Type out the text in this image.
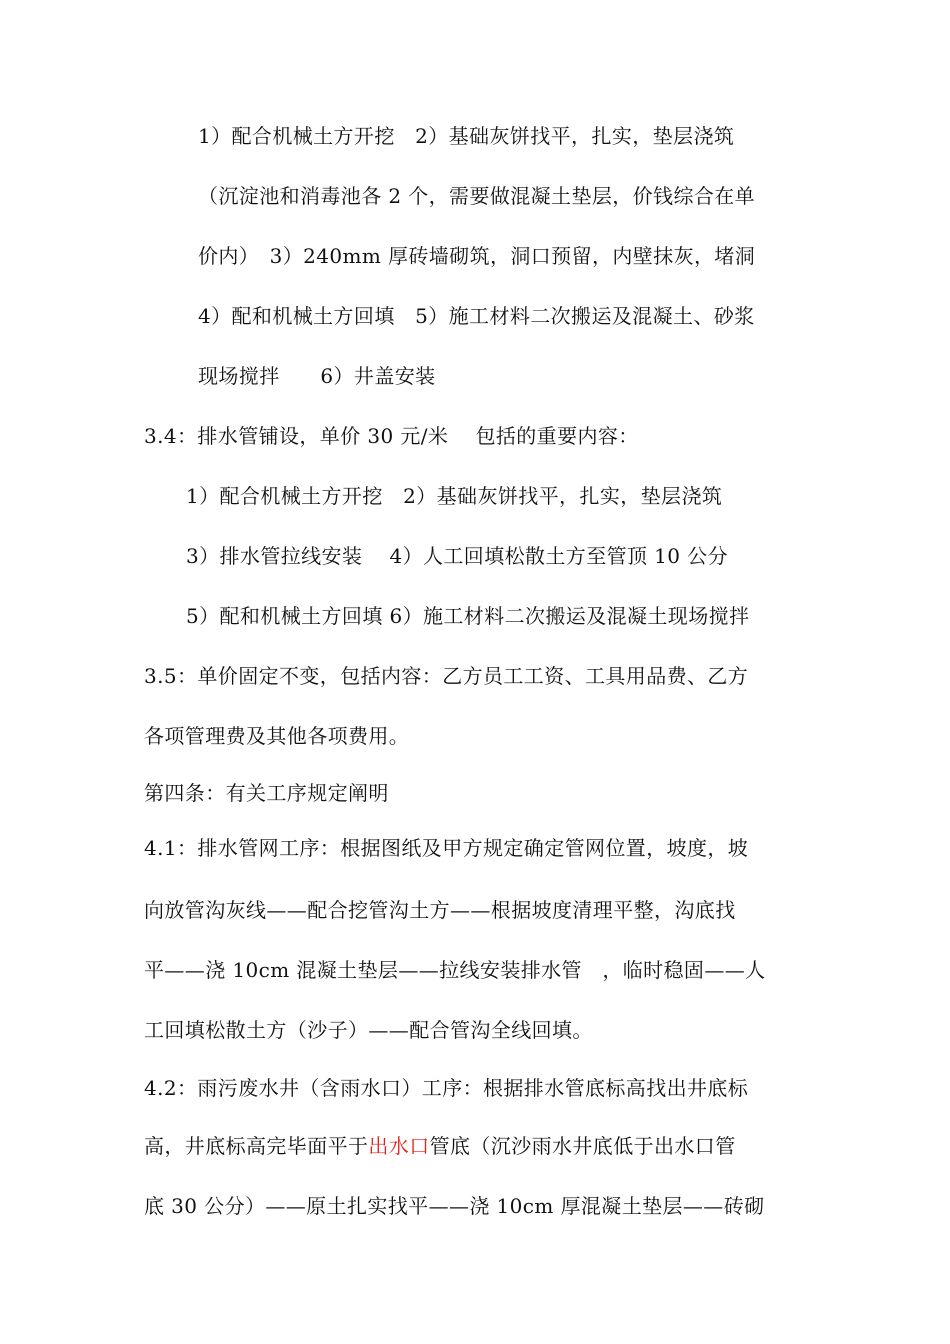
1）配合机械土方开挖　2）基础灰饼找平，扎实，垫层浇筑
（沉淀池和消毒池各 2 个，需要做混凝土垫层，价钱综合在单
价内）　3）240mm 厚砖墙砌筑，洞口预留，内壁抹灰，堵洞
4）配和机械土方回填　5）施工材料二次搬运及混凝土、砂浆
现场搅拌　　6）井盖安装
3.4：排水管铺设，单价 30 元/米　 包括的重要内容：
1）配合机械土方开挖　2）基础灰饼找平，扎实，垫层浇筑
3）排水管拉线安装　 4）人工回填松散土方至管顶 10 公分
5）配和机械土方回填 6）施工材料二次搬运及混凝土现场搅拌
3.5：单价固定不变，包括内容：乙方员工工资、工具用品费、乙方
各项管理费及其他各项费用。
第四条：有关工序规定阐明
4.1：排水管网工序：根据图纸及甲方规定确定管网位置，坡度，坡
向放管沟灰线——配合挖管沟土方——根据坡度清理平整，沟底找
平——浇 10cm 混凝土垫层——拉线安装排水管　，临时稳固——人
工回填松散土方（沙子）——配合管沟全线回填。
4.2：雨污废水井（含雨水口）工序：根据排水管底标高找出井底标
高，井底标高完毕面平于出水口管底（沉沙雨水井底低于出水口管
底 30 公分）——原土扎实找平——浇 10cm 厚混凝土垫层——砖砌
